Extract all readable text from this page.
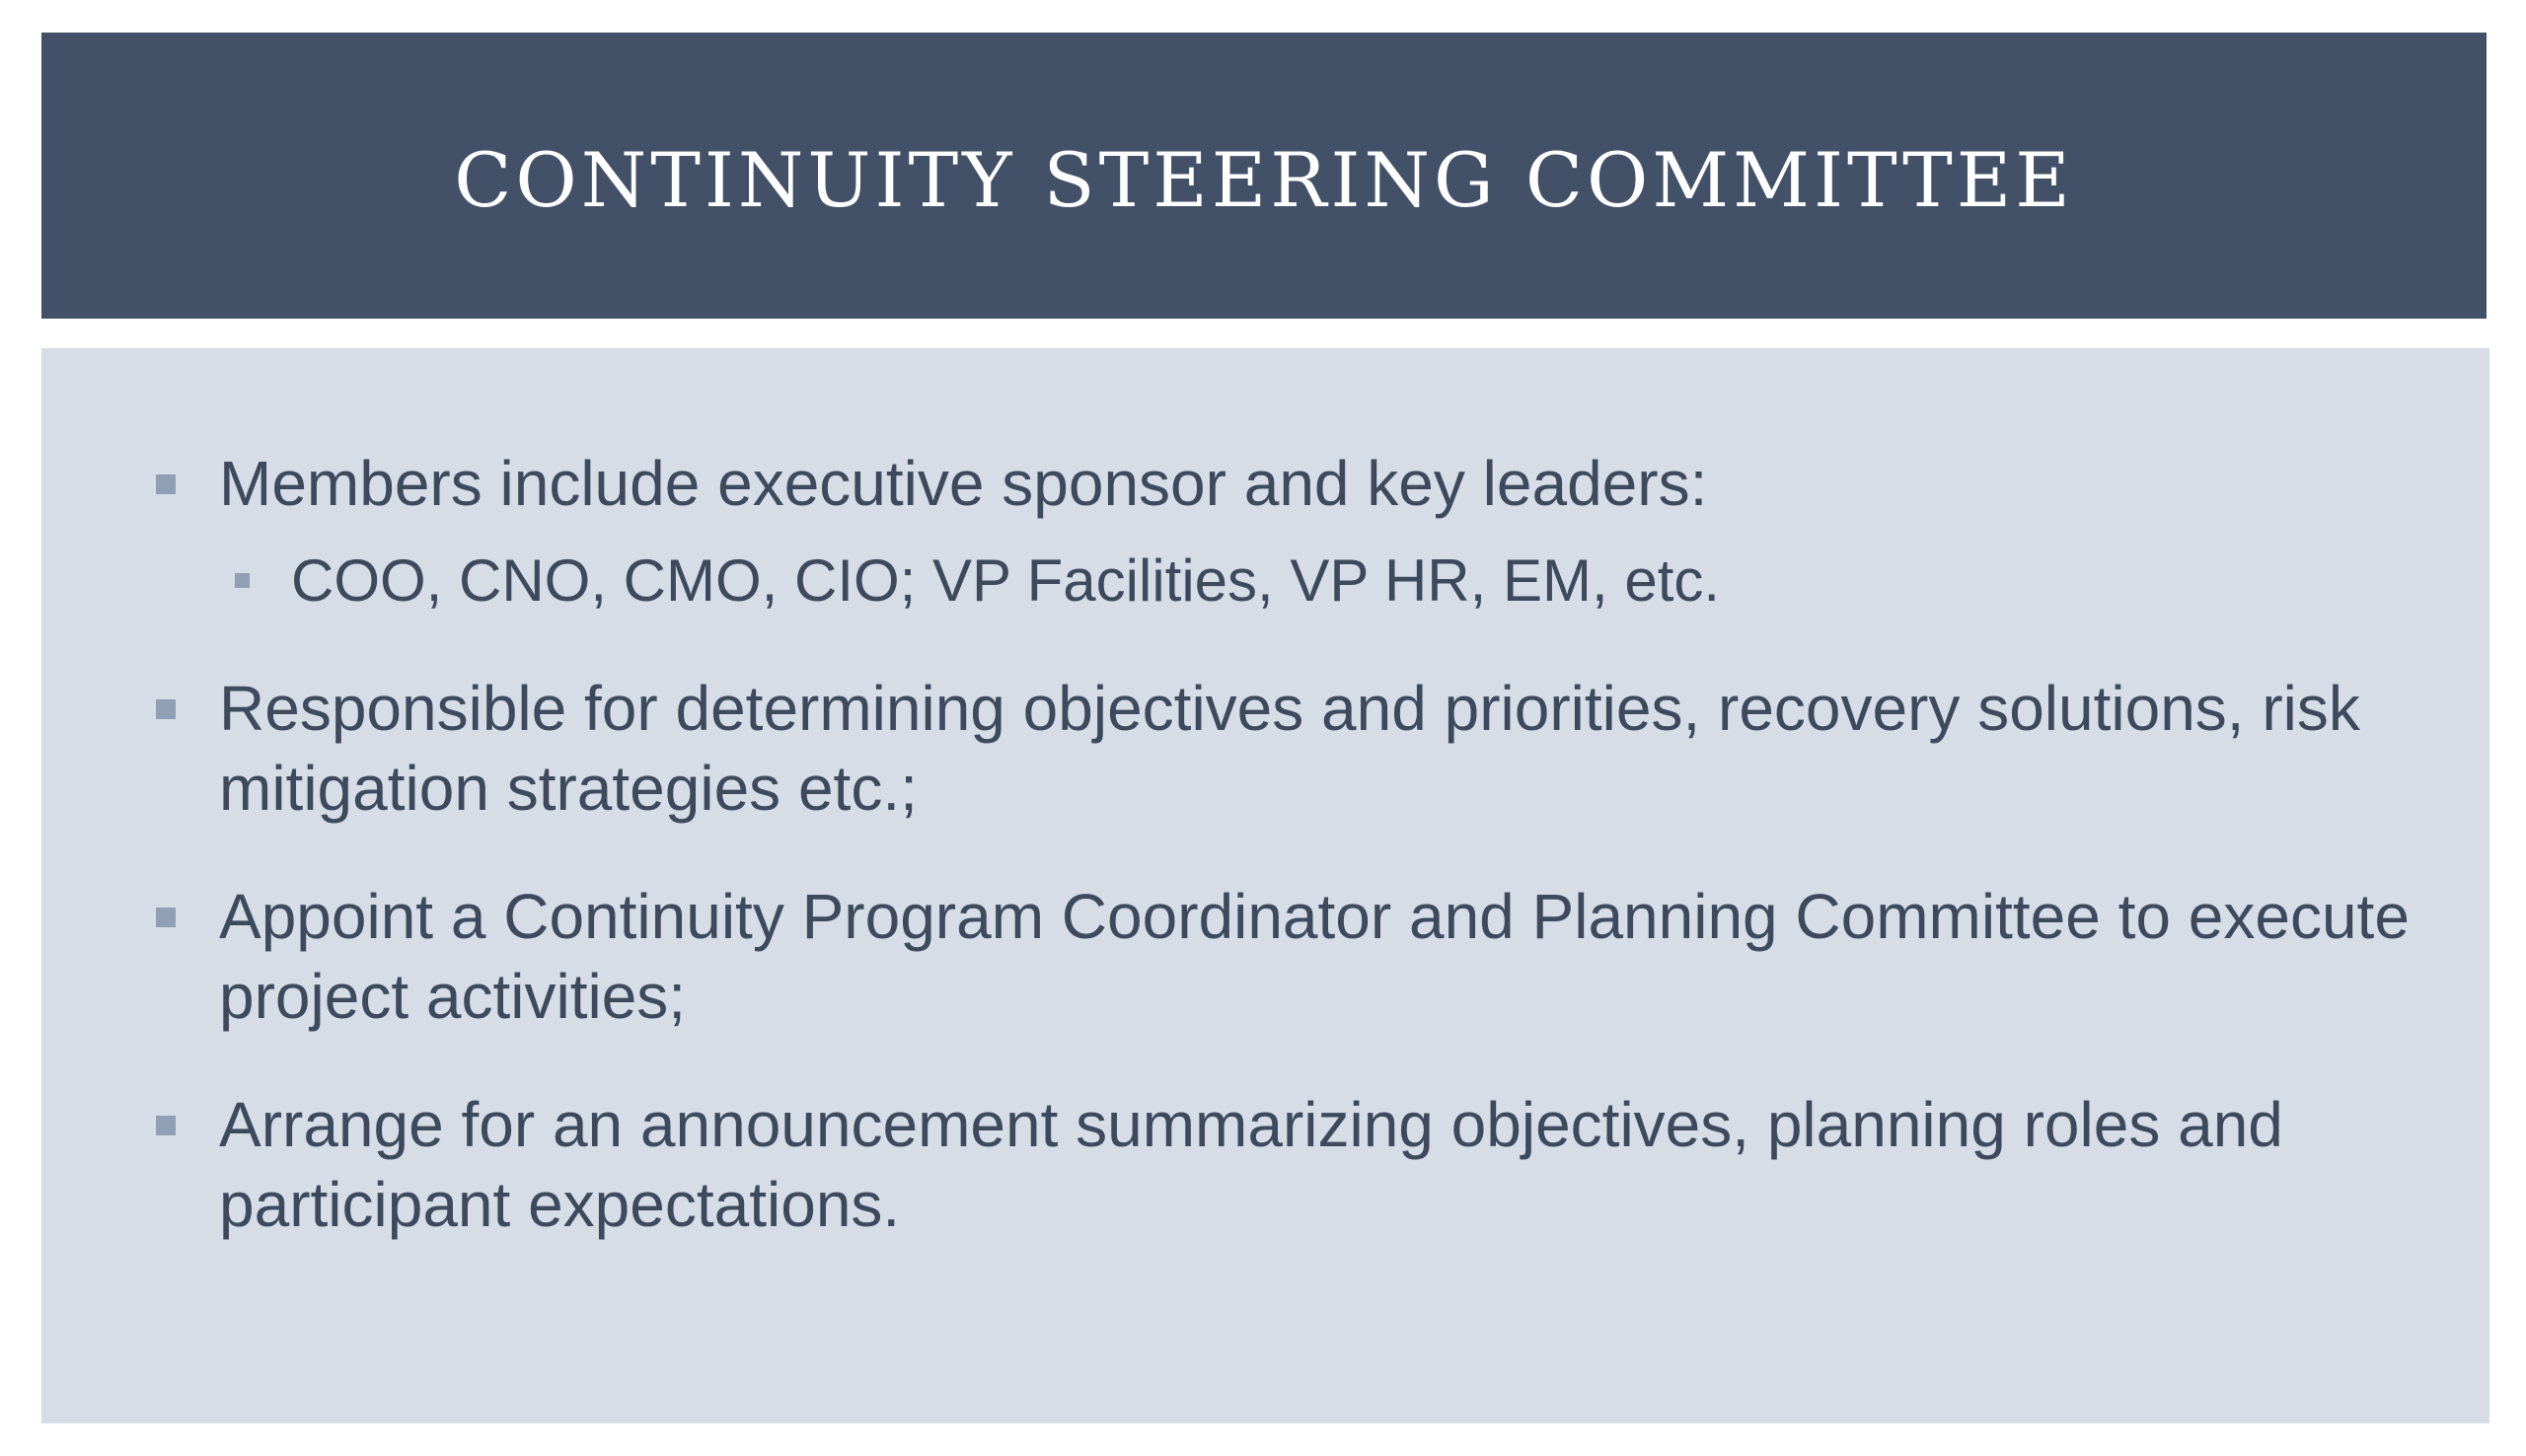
CONTINUITY STEERING COMMITTEE
Members include executive sponsor and key leaders:
COO, CNO, CMO, CIO; VP Facilities, VP HR, EM, etc.
Responsible for determining objectives and priorities, recovery solutions, risk mitigation strategies etc.;
Appoint a Continuity Program Coordinator and Planning Committee to execute project activities;
Arrange for an announcement summarizing objectives, planning roles and participant expectations.
